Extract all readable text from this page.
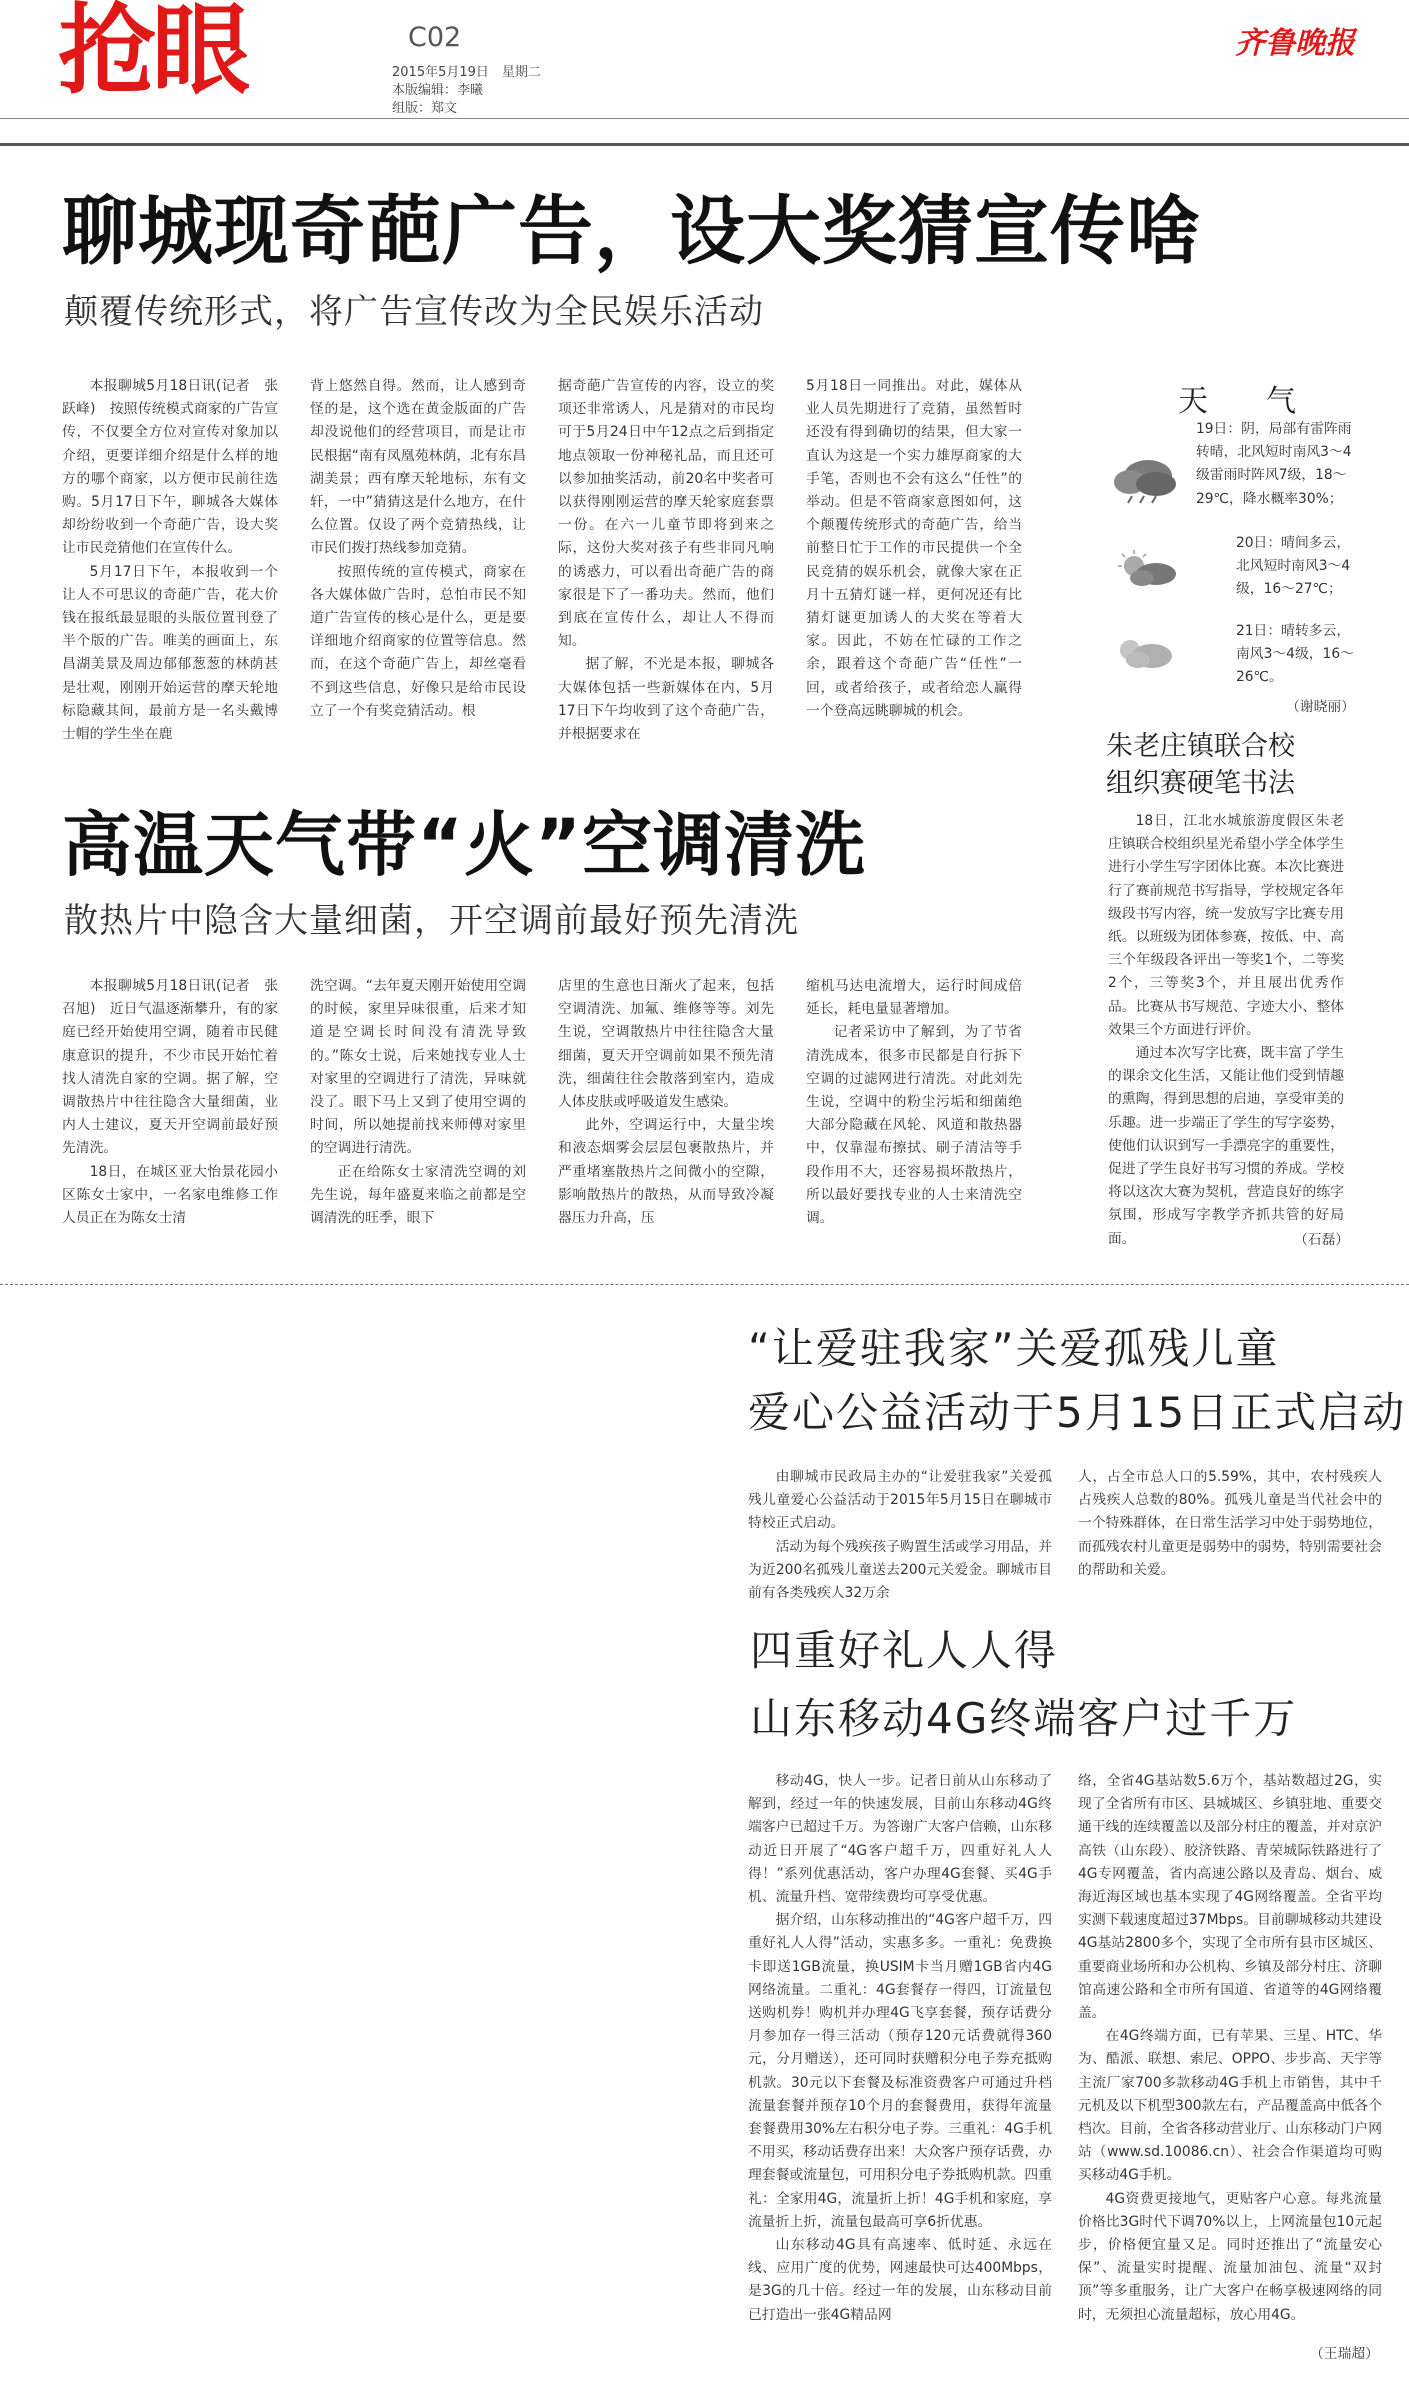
抢眼	C02
2015年5月19日　星期二
本版编辑：李曦
组版：郑文
齐鲁晚报
聊城现奇葩广告，设大奖猜宣传啥
颠覆传统形式，将广告宣传改为全民娱乐活动

本报聊城5月18日讯(记者　张跃峰)　按照传统模式商家的广告宣传，不仅要全方位对宣传对象加以介绍，更要详细介绍是什么样的地方的哪个商家，以方便市民前往选购。5月17日下午，聊城各大媒体却纷纷收到一个奇葩广告，设大奖让市民竞猜他们在宣传什么。

5月17日下午，本报收到一个让人不可思议的奇葩广告，花大价钱在报纸最显眼的头版位置刊登了半个版的广告。唯美的画面上，东昌湖美景及周边郁郁葱葱的林荫甚是壮观，刚刚开始运营的摩天轮地标隐藏其间，最前方是一名头戴博士帽的学生坐在鹿

背上悠然自得。然而，让人感到奇怪的是，这个选在黄金版面的广告却没说他们的经营项目，而是让市民根据“南有凤凰苑林荫，北有东昌湖美景；西有摩天轮地标，东有文轩，一中”猜猜这是什么地方，在什么位置。仅设了两个竞猜热线，让市民们拨打热线参加竞猜。

按照传统的宣传模式，商家在各大媒体做广告时，总怕市民不知道广告宣传的核心是什么，更是要详细地介绍商家的位置等信息。然而，在这个奇葩广告上，却丝毫看不到这些信息，好像只是给市民设立了一个有奖竞猜活动。根

据奇葩广告宣传的内容，设立的奖项还非常诱人，凡是猜对的市民均可于5月24日中午12点之后到指定地点领取一份神秘礼品，而且还可以参加抽奖活动，前20名中奖者可以获得刚刚运营的摩天轮家庭套票一份。在六一儿童节即将到来之际，这份大奖对孩子有些非同凡响的诱惑力，可以看出奇葩广告的商家很是下了一番功夫。然而，他们到底在宣传什么，却让人不得而知。

据了解，不光是本报，聊城各大媒体包括一些新媒体在内，5月17日下午均收到了这个奇葩广告，并根据要求在

5月18日一同推出。对此，媒体从业人员先期进行了竞猜，虽然暂时还没有得到确切的结果，但大家一直认为这是一个实力雄厚商家的大手笔，否则也不会有这么“任性”的举动。但是不管商家意图如何，这个颠覆传统形式的奇葩广告，给当前整日忙于工作的市民提供一个全民竞猜的娱乐机会，就像大家在正月十五猜灯谜一样，更何况还有比猜灯谜更加诱人的大奖在等着大家。因此，不妨在忙碌的工作之余，跟着这个奇葩广告“任性”一回，或者给孩子，或者给恋人赢得一个登高远眺聊城的机会。

天　气
19日：阴，局部有雷阵雨转晴，北风短时南风3～4级雷雨时阵风7级，18～29℃，降水概率30%；
20日：晴间多云，北风短时南风3～4级，16～27℃；
21日：晴转多云，南风3～4级，16～26℃。
（谢晓丽）
朱老庄镇联合校
组织赛硬笔书法

18日，江北水城旅游度假区朱老庄镇联合校组织星光希望小学全体学生进行小学生写字团体比赛。本次比赛进行了赛前规范书写指导，学校规定各年级段书写内容，统一发放写字比赛专用纸。以班级为团体参赛，按低、中、高三个年级段各评出一等奖1个，二等奖2个，三等奖3个，并且展出优秀作品。比赛从书写规范、字迹大小、整体效果三个方面进行评价。

通过本次写字比赛，既丰富了学生的课余文化生活，又能让他们受到情趣的熏陶，得到思想的启迪，享受审美的乐趣。进一步端正了学生的写字姿势，使他们认识到写一手漂亮字的重要性，促进了学生良好书写习惯的养成。学校将以这次大赛为契机，营造良好的练字氛围，形成写字教学齐抓共管的好局面。	（石磊）
高温天气带“火”空调清洗
散热片中隐含大量细菌，开空调前最好预先清洗

本报聊城5月18日讯(记者　张召旭)　近日气温逐渐攀升，有的家庭已经开始使用空调，随着市民健康意识的提升，不少市民开始忙着找人清洗自家的空调。据了解，空调散热片中往往隐含大量细菌，业内人士建议，夏天开空调前最好预先清洗。

18日，在城区亚大怡景花园小区陈女士家中，一名家电维修工作人员正在为陈女士清

洗空调。“去年夏天刚开始使用空调的时候，家里异味很重，后来才知道是空调长时间没有清洗导致的。”陈女士说，后来她找专业人士对家里的空调进行了清洗，异味就没了。眼下马上又到了使用空调的时间，所以她提前找来师傅对家里的空调进行清洗。

正在给陈女士家清洗空调的刘先生说，每年盛夏来临之前都是空调清洗的旺季，眼下

店里的生意也日渐火了起来，包括空调清洗、加氟、维修等等。刘先生说，空调散热片中往往隐含大量细菌，夏天开空调前如果不预先清洗，细菌往往会散落到室内，造成人体皮肤或呼吸道发生感染。

此外，空调运行中，大量尘埃和液态烟雾会层层包裹散热片，并严重堵塞散热片之间微小的空隙，影响散热片的散热，从而导致冷凝器压力升高，压

缩机马达电流增大，运行时间成倍延长，耗电量显著增加。

记者采访中了解到，为了节省清洗成本，很多市民都是自行拆下空调的过滤网进行清洗。对此刘先生说，空调中的粉尘污垢和细菌绝大部分隐藏在风轮、风道和散热器中，仅靠湿布擦拭、刷子清洁等手段作用不大，还容易损坏散热片，所以最好要找专业的人士来清洗空调。

“让爱驻我家”关爱孤残儿童
爱心公益活动于5月15日正式启动

由聊城市民政局主办的“让爱驻我家”关爱孤残儿童爱心公益活动于2015年5月15日在聊城市特校正式启动。

活动为每个残疾孩子购置生活或学习用品，并为近200名孤残儿童送去200元关爱金。聊城市目前有各类残疾人32万余

人，占全市总人口的5.59%，其中，农村残疾人占残疾人总数的80%。孤残儿童是当代社会中的一个特殊群体，在日常生活学习中处于弱势地位，而孤残农村儿童更是弱势中的弱势，特别需要社会的帮助和关爱。

四重好礼人人得
山东移动4G终端客户过千万

移动4G，快人一步。记者日前从山东移动了解到，经过一年的快速发展，目前山东移动4G终端客户已超过千万。为答谢广大客户信赖，山东移动近日开展了“4G客户超千万，四重好礼人人得！”系列优惠活动，客户办理4G套餐、买4G手机、流量升档、宽带续费均可享受优惠。

据介绍，山东移动推出的“4G客户超千万，四重好礼人人得”活动，实惠多多。一重礼：免费换卡即送1GB流量，换USIM卡当月赠1GB省内4G网络流量。二重礼：4G套餐存一得四，订流量包送购机券！购机并办理4G飞享套餐，预存话费分月参加存一得三活动（预存120元话费就得360元，分月赠送），还可同时获赠积分电子券充抵购机款。30元以下套餐及标准资费客户可通过升档流量套餐并预存10个月的套餐费用，获得年流量套餐费用30%左右积分电子券。三重礼：4G手机不用买，移动话费存出来！大众客户预存话费，办理套餐或流量包，可用积分电子券抵购机款。四重礼：全家用4G，流量折上折！4G手机和家庭，享流量折上折，流量包最高可享6折优惠。

山东移动4G具有高速率、低时延、永远在线、应用广度的优势，网速最快可达400Mbps，是3G的几十倍。经过一年的发展，山东移动目前已打造出一张4G精品网

络，全省4G基站数5.6万个，基站数超过2G，实现了全省所有市区、县城城区、乡镇驻地、重要交通干线的连续覆盖以及部分村庄的覆盖，并对京沪高铁（山东段）、胶济铁路、青荣城际铁路进行了4G专网覆盖，省内高速公路以及青岛、烟台、威海近海区域也基本实现了4G网络覆盖。全省平均实测下载速度超过37Mbps。目前聊城移动共建设4G基站2800多个，实现了全市所有县市区城区、重要商业场所和办公机构、乡镇及部分村庄、济聊馆高速公路和全市所有国道、省道等的4G网络覆盖。

在4G终端方面，已有苹果、三星、HTC、华为、酷派、联想、索尼、OPPO、步步高、天宇等主流厂家700多款移动4G手机上市销售，其中千元机及以下机型300款左右，产品覆盖高中低各个档次。目前，全省各移动营业厅、山东移动门户网站（www.sd.10086.cn）、社会合作渠道均可购买移动4G手机。

4G资费更接地气，更贴客户心意。每兆流量价格比3G时代下调70%以上，上网流量包10元起步，价格便宜量又足。同时还推出了“流量安心保”、流量实时提醒、流量加油包、流量“双封顶”等多重服务，让广大客户在畅享极速网络的同时，无须担心流量超标，放心用4G。

（王瑞超）
